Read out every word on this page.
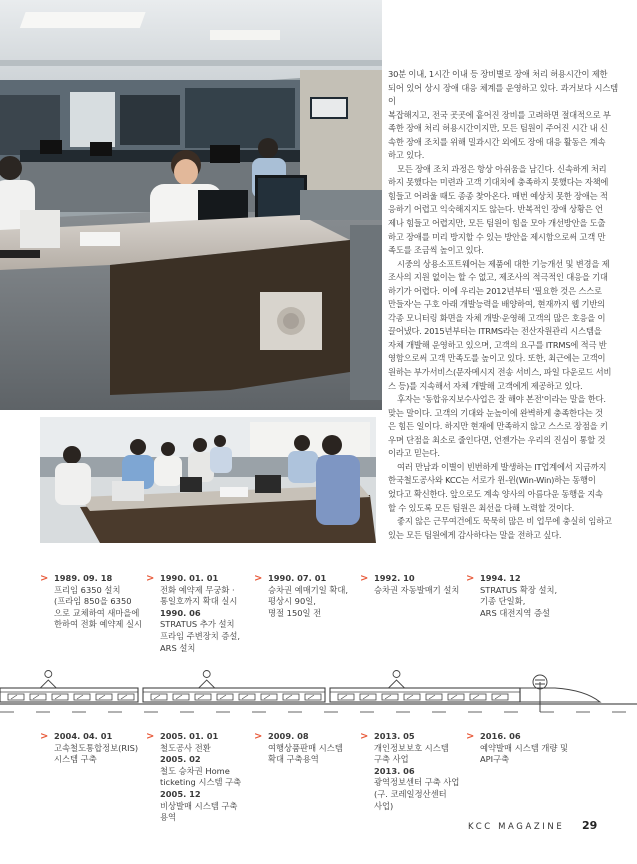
30분 이내, 1시간 이내 등 장비별로 장애 처리 허용시간이 제한
되어 있어 상시 장애 대응 체계를 운영하고 있다. 과거보다 시스템이
복잡해지고, 전국 곳곳에 흩어진 장비를 고려하면 절대적으로 부
족한 장애 처리 허용시간이지만, 모든 팀원이 주어진 시간 내 신
속한 장애 조치를 위해 밀과시간 외에도 장애 대응 활동은 계속
하고 있다.

모든 장애 조치 과정은 항상 아쉬움을 남긴다. 신속하게 처리
하지 못했다는 미련과 고객 기대치에 충족하지 못했다는 자책에
힘들고 어려울 때도 종종 찾아온다. 매번 예상치 못한 장애는 적
응하기 어렵고 익숙해지지도 않는다. 반복적인 장애 상황은 언
제나 힘들고 어렵지만, 모든 팀원이 힘을 모아 개선방안을 도출
하고 장애를 미리 방지할 수 있는 방안을 제시함으로써 고객 만
족도를 조금씩 높이고 있다.

시중의 상용소프트웨어는 제품에 대한 기능개선 및 변경을 제
조사의 지원 없이는 할 수 없고, 제조사의 적극적인 대응을 기대
하기가 어렵다. 이에 우리는 2012년부터 '필요한 것은 스스로
만들자'는 구호 아래 개발능력을 배양하여, 현재까지 웹 기반의
각종 모니터링 화면을 자체 개발·운영해 고객의 많은 호응을 이
끌어냈다. 2015년부터는 ITRMS라는 전산자원관리 시스템을
자체 개발해 운영하고 있으며, 고객의 요구를 ITRMS에 적극 반
영함으로써 고객 만족도를 높이고 있다. 또한, 최근에는 고객이
원하는 부가서비스(문자메시지 전송 서비스, 파일 다운로드 서비
스 등)를 지속해서 자체 개발해 고객에게 제공하고 있다.

후자는 '동합유지보수사업은 잘 해야 본전'이라는 말을 한다.
맞는 말이다. 고객의 기대와 눈높이에 완벽하게 충족한다는 것
은 힘든 일이다. 하지만 현재에 만족하지 않고 스스로 장점을 키
우며 단점을 최소로 줄인다면, 언젠가는 우리의 진심이 통할 것
이라고 믿는다.

여러 만남과 이별이 빈번하게 발생하는 IT업계에서 지금까지
한국철도공사와 KCC는 서로가 윈-윈(Win-Win)하는 동행이
었다고 확신한다. 앞으로도 계속 양사의 아름다운 동행을 지속
할 수 있도록 모든 팀원은 최선을 다해 노력할 것이다.

좋지 않은 근무여건에도 묵묵히 많은 비 업무에 충실히 임하고
있는 모든 팀원에게 감사하다는 말을 전하고 싶다.

> 1989. 09. 18
프리임 6350 설치
(프라임 850을 6350
으로 교체하여 새마을에
한하여 전화 예약제 실시
> 1990. 01. 01
전화 예약제 무궁화 ·
통일호까지 확대 실시
1990. 06
STRATUS 추가 설치
프라임 주변장치 증설,
ARS 설치
> 1990. 07. 01
승차권 예매기일 확대,
평상시 90일,
명절 150일 전
> 1992. 10
승차권 자동발매기 설치
> 1994. 12
STRATUS 확장 설치,
기종 단일화,
ARS 대전지역 증설
> 2004. 04. 01
고속철도통합정보(RIS)
시스템 구축
> 2005. 01. 01
철도공사 전환
2005. 02
철도 승차권 Home
ticketing 시스템 구축
2005. 12
비상발매 시스템 구축
용역
> 2009. 08
여행상품판매 시스템
확대 구축용역
> 2013. 05
개인정보보호 시스템
구축 사업
2013. 06
광역정보센터 구축 사업
(구. 코레일정산센터
사업)
> 2016. 06
예약발매 시스템 개량 및
API구축
KCC MAGAZINE 29
